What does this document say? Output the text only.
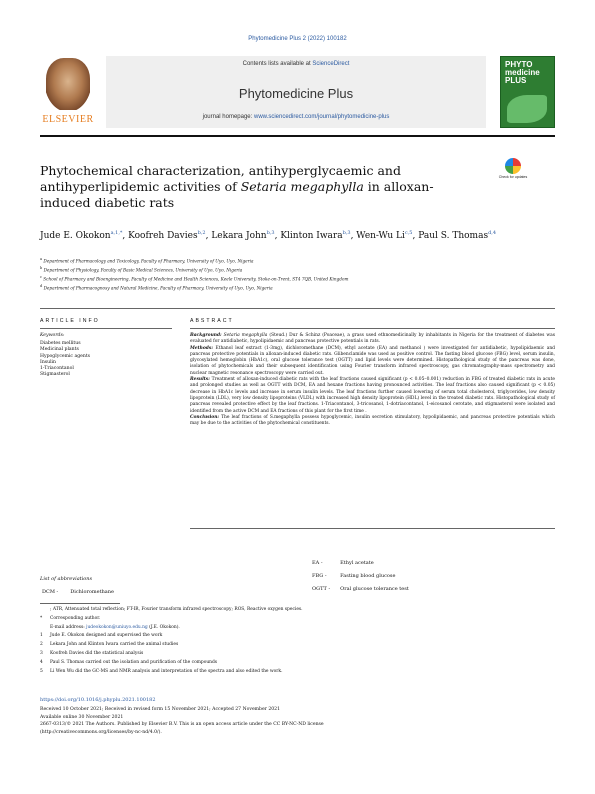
Phytomedicine Plus 2 (2022) 100182
ELSEVIER
Contents lists available at ScienceDirect
Phytomedicine Plus
journal homepage: www.sciencedirect.com/journal/phytomedicine-plus
PHYTO medicine PLUS
Phytochemical characterization, antihyperglycaemic and antihyperlipidemic activities of Setaria megaphylla in alloxan-induced diabetic rats
Check for updates
Jude E. Okokon$^{a,1,*}$, Koofreh Davies$^{b,2}$, Lekara John$^{b,3}$, Klinton Iwara$^{b,3}$, Wen-Wu Li$^{c,5}$, Paul S. Thomas$^{d,4}$
$^a$ Department of Pharmacology and Toxicology, Faculty of Pharmacy, University of Uyo, Uyo, Nigeria
$^b$ Department of Physiology, Faculty of Basic Medical Sciences, University of Uyo, Uyo, Nigeria
$^c$ School of Pharmacy and Bioengineering, Faculty of Medicine and Health Sciences, Keele University, Stoke-on-Trent, ST4 7QB, United Kingdom
$^d$ Department of Pharmacognosy and Natural Medicine, Faculty of Pharmacy, University of Uyo, Uyo, Nigeria
ARTICLE INFO
Keywords:
Diabetes mellitus
Medicinal plants
Hypoglycemic agents
Insulin
1-Triacontanol
Stigmasterol
ABSTRACT

Background: Setaria megaphylla (Steud.) Dur & Schinz (Poaceae), a grass used ethnomedicinally by inhabitants in Nigeria for the treatment of diabetes was evaluated for antidiabetic, hypolipidaemic and pancreas protective potentials in rats.

Methods: Ethanol leaf extract (1-3mg), dichloromethane (DCM), ethyl acetate (EA) and methanol ) were investigated for antidiabetic, hypolipidaemic and pancreas protective potentials in alloxan-induced diabetic rats. Glibenclamide was used as positive control. The fasting blood glucose (FBG) level, serum insulin, glycosylated hemoglobin (HbA1c), oral glucose tolerance test (OGTT) and lipid levels were determined. Histopathological study of the pancreas was done, isolation of phytochemicals and their subsequent identification using Fourier transform infrared spectroscopy, gas chromatography-mass spectrometry and nuclear magnetic resonance spectroscopy were carried out.

Results: Treatment of alloxan-induced diabetic rats with the leaf fractions caused significant (p < 0.05–0.001) reduction in FBG of treated diabetic rats in acute and prolonged studies as well as OGTT with DCM, EA and hexane fractions having pronounced activities. The leaf fractions also caused significant (p < 0.05) decrease in HbA1c levels and increase in serum insulin levels. The leaf fractions further caused lowering of serum total cholesterol, triglycerides, low density lipoprotein (LDL), very low density lipoproteins (VLDL) with increased high density lipoprotein (HDL) level in the treated diabetic rats. Histopathological study of pancreas revealed protective effect by the leaf fractions. 1-Triacontanol, 3-tricosanol, 1-dotriacontanol, 1-eicosanol cerotate, and stigmasterol were isolated and identified from the active DCM and EA fractions of this plant for the first time .

Conclusion: The leaf fractions of S.megaphylla possess hypoglycemic, insulin secretion stimulatory, hypolipidaemic, and pancreas protective potentials which may be due to the activities of the phytochemical constituents.

EA -	Ethyl acetate
FBG -	Fasting blood glucose
OGTT -	Oral glucose tolerance test
List of abbreviations
DCM -	Dichloromethane
; ATR, Attenuated total reflection; FT-IR, Fourier transform infrared spectroscopy; ROS, Reactive oxygen species.
* Corresponding author.
E-mail address: judeokokon@uniuyo.edu.ng (J.E. Okokon).
1 Jude E. Okokon designed and supervised the work
2 Lekara John and Klinton Iwara carried the animal studies
3 Koofreh Davies did the statistical analysis
4 Paul S. Thomas carried out the isolation and purification of the compounds
5 Li Wen Wu did the GC-MS and NMR analysis and interpretation of the spectra and also edited the work.
https://doi.org/10.1016/j.phyplu.2021.100182
Received 10 October 2021; Received in revised form 15 November 2021; Accepted 27 November 2021
Available online 30 November 2021
2667-0313/© 2021 The Authors. Published by Elsevier B.V. This is an open access article under the CC BY-NC-ND license
(http://creativecommons.org/licenses/by-nc-nd/4.0/).
